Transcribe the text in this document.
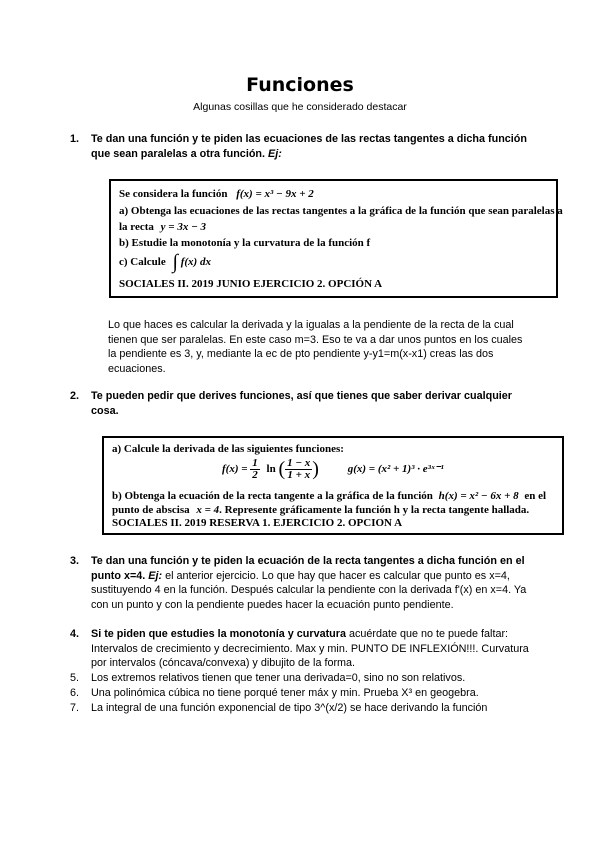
Funciones
Algunas cosillas que he considerado destacar
1.	Te dan una función y te piden las ecuaciones de las rectas tangentes a dicha función que sean paralelas a otra función. Ej:
Se considera la función f(x) = x³ − 9x + 2
a) Obtenga las ecuaciones de las rectas tangentes a la gráfica de la función que sean paralelas a
la recta y = 3x − 3
b) Estudie la monotonía y la curvatura de la función f
c) Calcule ∫ f(x) dx
SOCIALES II. 2019 JUNIO EJERCICIO 2. OPCIÓN A
Lo que haces es calcular la derivada y la igualas a la pendiente de la recta de la cual tienen que ser paralelas. En este caso m=3. Eso te va a dar unos puntos en los cuales la pendiente es 3, y, mediante la ec de pto pendiente y-y1=m(x-x1) creas las dos ecuaciones.
2.	Te pueden pedir que derives funciones, así que tienes que saber derivar cualquier cosa.
a) Calcule la derivada de las siguientes funciones:
$f(x) = \frac{1}{2}$ ln ( $\frac{1 - x}{1 + x}$ )	g(x) = (x² + 1)³ · e³ˣ⁻¹
b) Obtenga la ecuación de la recta tangente a la gráfica de la función h(x) = x² − 6x + 8 en el
punto de abscisa x = 4. Represente gráficamente la función h y la recta tangente hallada.
SOCIALES II. 2019 RESERVA 1. EJERCICIO 2. OPCION A
3.	Te dan una función y te piden la ecuación de la recta tangentes a dicha función en el punto x=4. Ej: el anterior ejercicio. Lo que hay que hacer es calcular que punto es x=4, sustituyendo 4 en la función. Después calcular la pendiente con la derivada f'(x) en x=4. Ya con un punto y con la pendiente puedes hacer la ecuación punto pendiente.
4.	Si te piden que estudies la monotonía y curvatura acuérdate que no te puede faltar: Intervalos de crecimiento y decrecimiento. Max y min. PUNTO DE INFLEXIÓN!!!. Curvatura por intervalos (cóncava/convexa) y dibujito de la forma.
5.	Los extremos relativos tienen que tener una derivada=0, sino no son relativos.
6.	Una polinómica cúbica no tiene porqué tener máx y min. Prueba X³ en geogebra.
7.	La integral de una función exponencial de tipo 3^(x/2) se hace derivando la función
